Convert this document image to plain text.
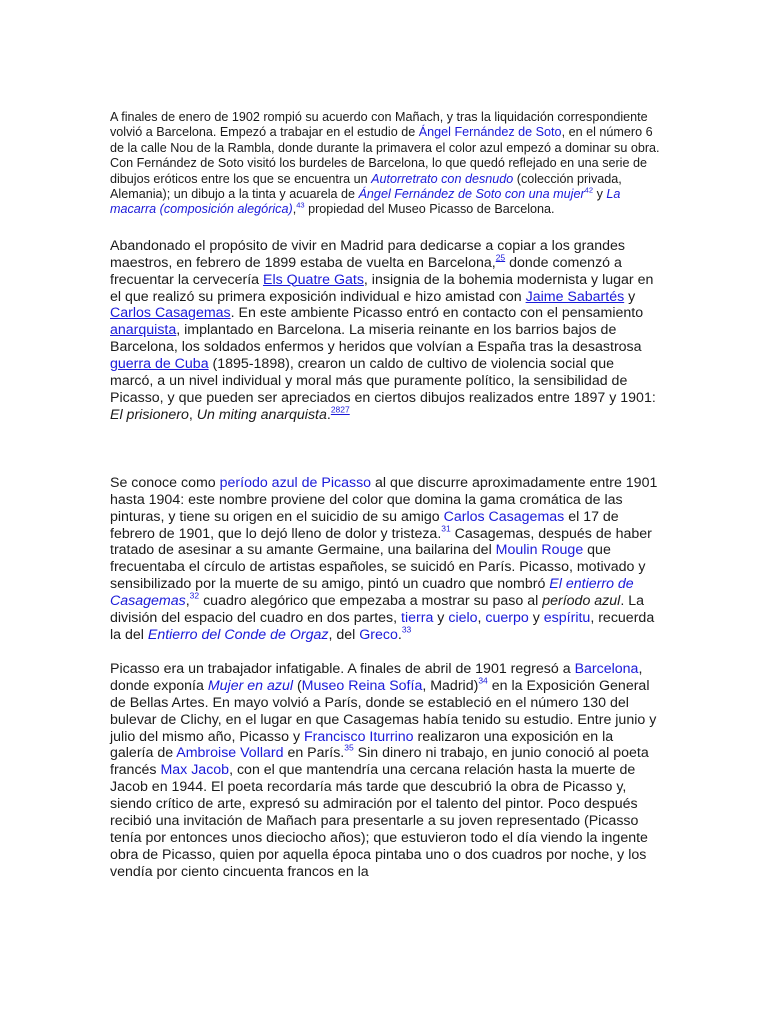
A finales de enero de 1902 rompió su acuerdo con Mañach, y tras la liquidación correspondiente volvió a Barcelona. Empezó a trabajar en el estudio de Ángel Fernández de Soto, en el número 6 de la calle Nou de la Rambla, donde durante la primavera el color azul empezó a dominar su obra. Con Fernández de Soto visitó los burdeles de Barcelona, lo que quedó reflejado en una serie de dibujos eróticos entre los que se encuentra un Autorretrato con desnudo (colección privada, Alemania); un dibujo a la tinta y acuarela de Ángel Fernández de Soto con una mujer$^{42}$ y La macarra (composición alegórica),$^{43}$ propiedad del Museo Picasso de Barcelona.

Abandonado el propósito de vivir en Madrid para dedicarse a copiar a los grandes maestros, en febrero de 1899 estaba de vuelta en Barcelona,$^{25}$ donde comenzó a frecuentar la cervecería Els Quatre Gats, insignia de la bohemia modernista y lugar en el que realizó su primera exposición individual e hizo amistad con Jaime Sabartés y Carlos Casagemas. En este ambiente Picasso entró en contacto con el pensamiento anarquista, implantado en Barcelona. La miseria reinante en los barrios bajos de Barcelona, los soldados enfermos y heridos que volvían a España tras la desastrosa guerra de Cuba (1895-1898), crearon un caldo de cultivo de violencia social que marcó, a un nivel individual y moral más que puramente político, la sensibilidad de Picasso, y que pueden ser apreciados en ciertos dibujos realizados entre 1897 y 1901: El prisionero, Un miting anarquista.$^{2827}$

Se conoce como período azul de Picasso al que discurre aproximadamente entre 1901 hasta 1904: este nombre proviene del color que domina la gama cromática de las pinturas, y tiene su origen en el suicidio de su amigo Carlos Casagemas el 17 de febrero de 1901, que lo dejó lleno de dolor y tristeza.$^{31}$ Casagemas, después de haber tratado de asesinar a su amante Germaine, una bailarina del Moulin Rouge que frecuentaba el círculo de artistas españoles, se suicidó en París. Picasso, motivado y sensibilizado por la muerte de su amigo, pintó un cuadro que nombró El entierro de Casagemas,$^{32}$ cuadro alegórico que empezaba a mostrar su paso al período azul. La división del espacio del cuadro en dos partes, tierra y cielo, cuerpo y espíritu, recuerda la del Entierro del Conde de Orgaz, del Greco.$^{33}$

Picasso era un trabajador infatigable. A finales de abril de 1901 regresó a Barcelona, donde exponía Mujer en azul (Museo Reina Sofía, Madrid)$^{34}$ en la Exposición General de Bellas Artes. En mayo volvió a París, donde se estableció en el número 130 del bulevar de Clichy, en el lugar en que Casagemas había tenido su estudio. Entre junio y julio del mismo año, Picasso y Francisco Iturrino realizaron una exposición en la galería de Ambroise Vollard en París.$^{35}$ Sin dinero ni trabajo, en junio conoció al poeta francés Max Jacob, con el que mantendría una cercana relación hasta la muerte de Jacob en 1944. El poeta recordaría más tarde que descubrió la obra de Picasso y, siendo crítico de arte, expresó su admiración por el talento del pintor. Poco después recibió una invitación de Mañach para presentarle a su joven representado (Picasso tenía por entonces unos dieciocho años); que estuvieron todo el día viendo la ingente obra de Picasso, quien por aquella época pintaba uno o dos cuadros por noche, y los vendía por ciento cincuenta francos en la
